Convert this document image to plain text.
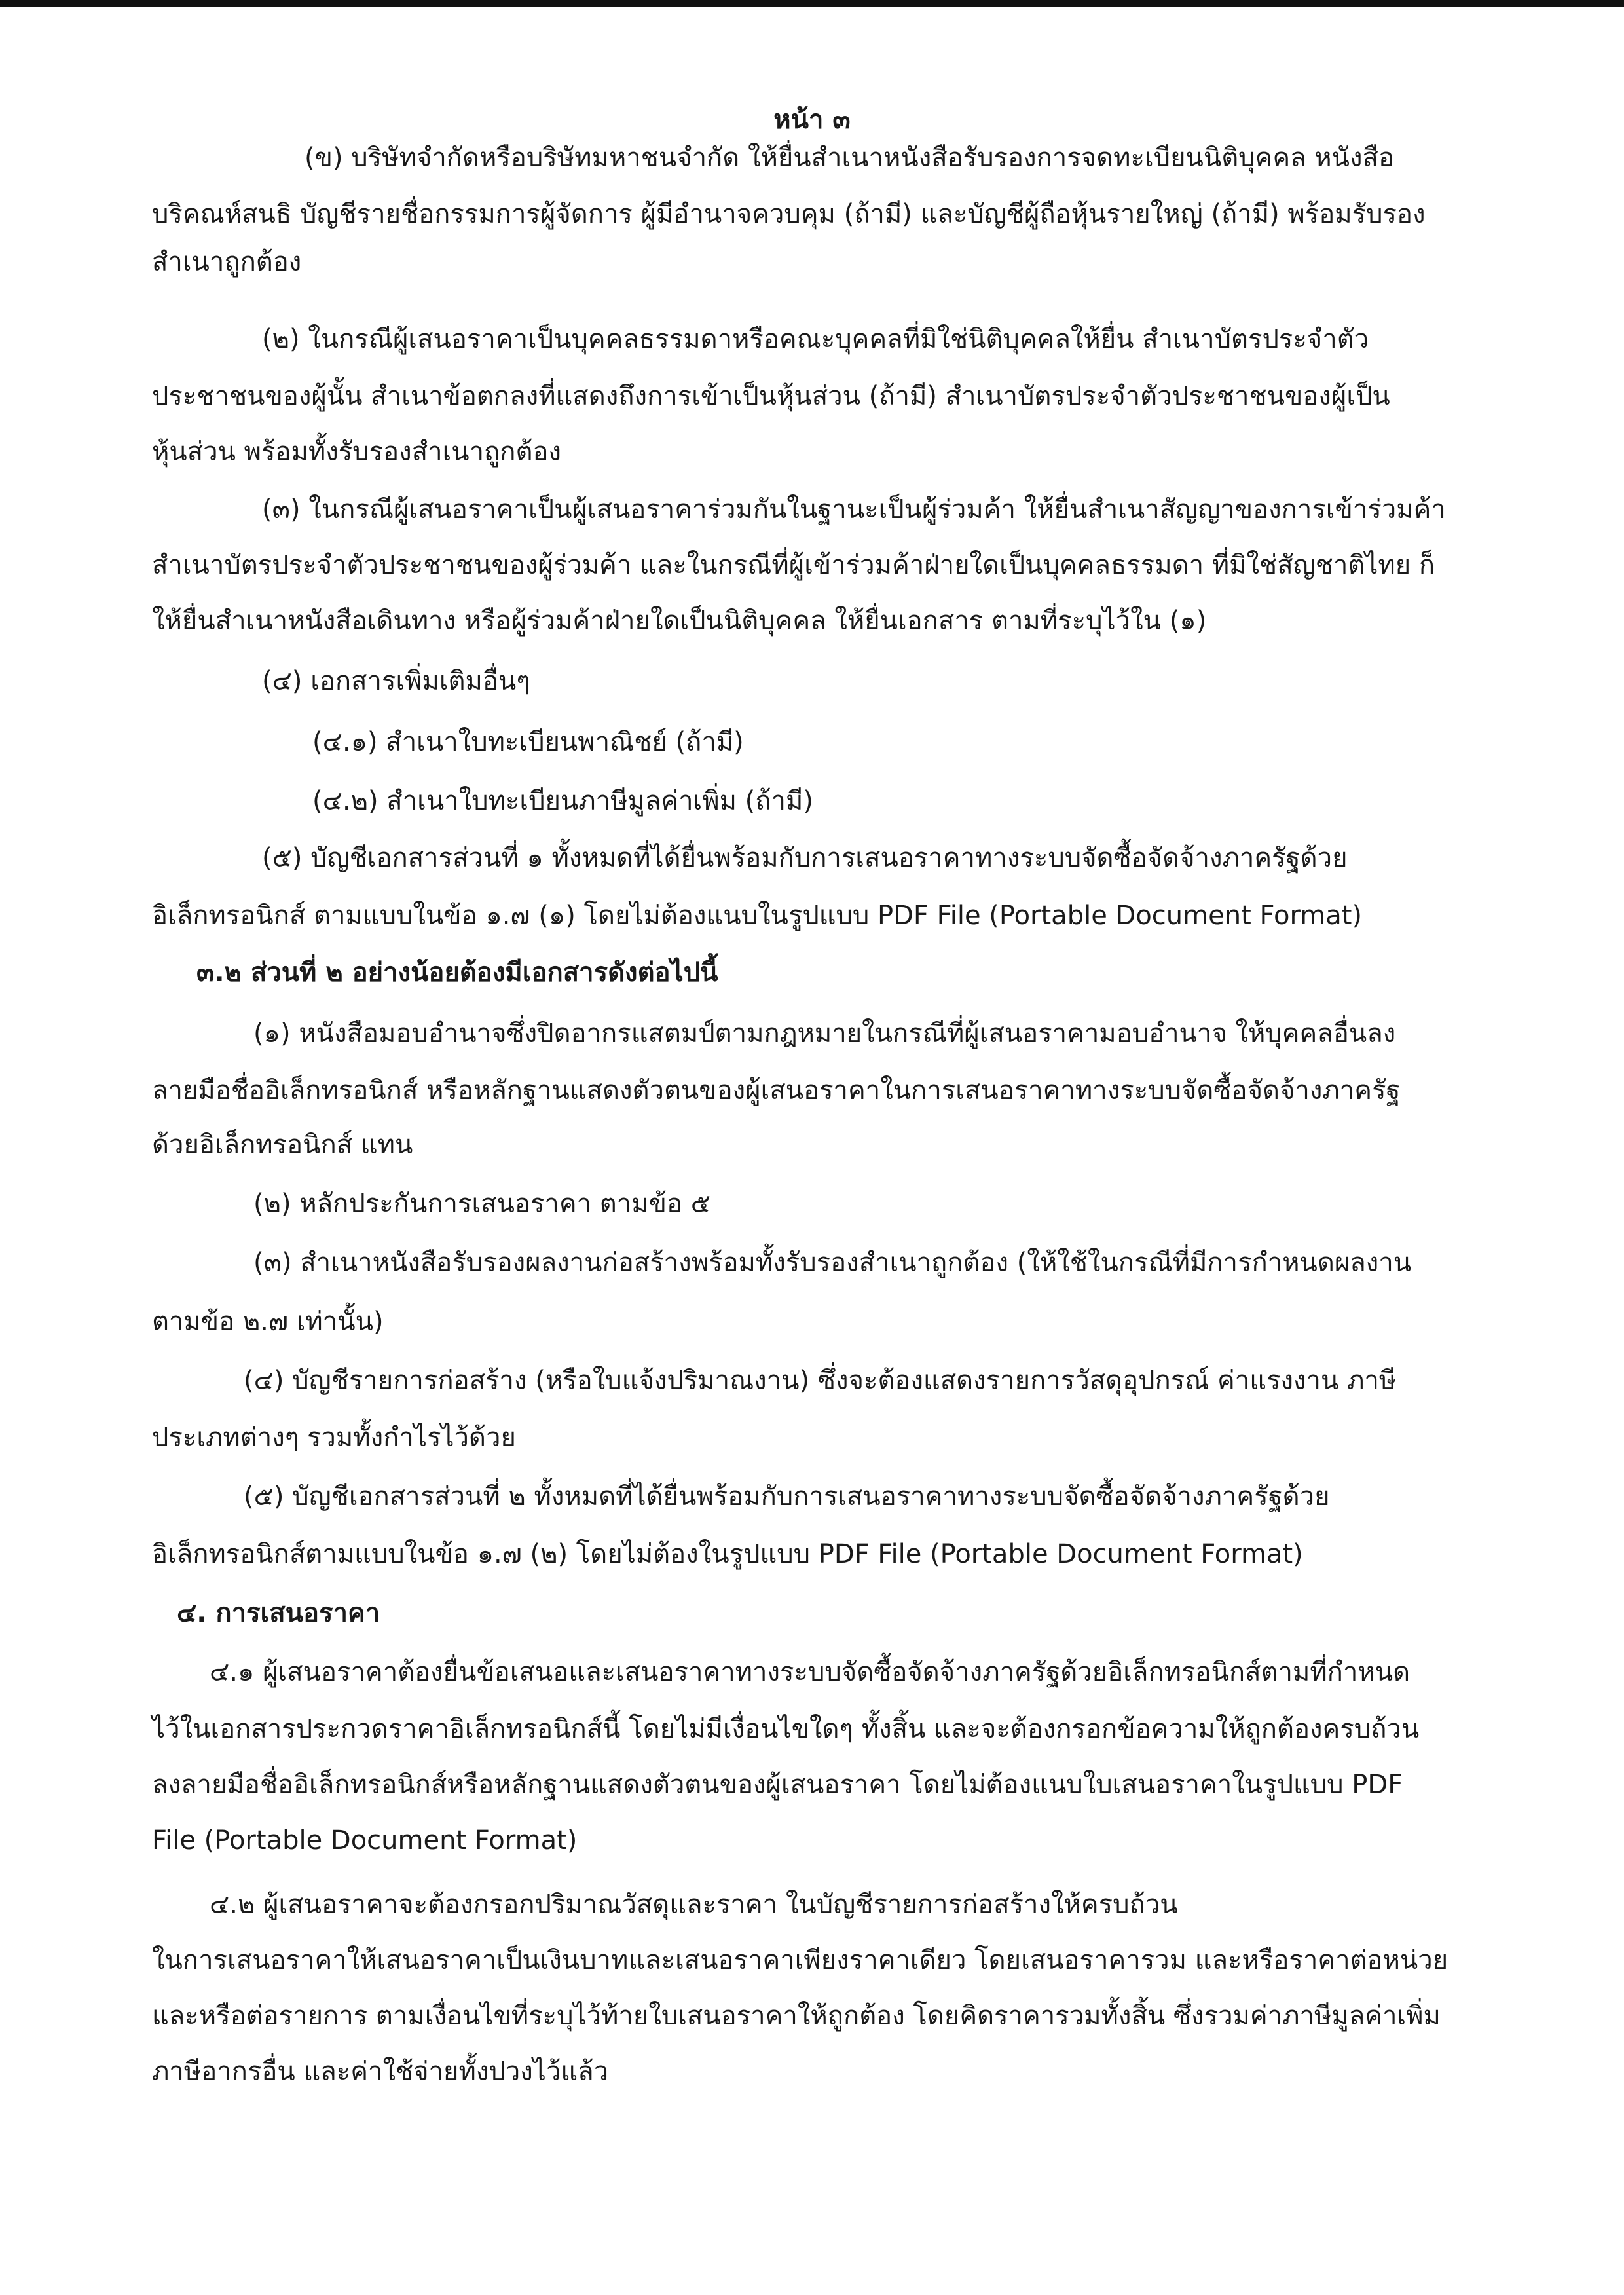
หน้า ๓
(ข) บริษัทจำกัดหรือบริษัทมหาชนจำกัด ให้ยื่นสำเนาหนังสือรับรองการจดทะเบียนนิติบุคคล หนังสือ
บริคณห์สนธิ บัญชีรายชื่อกรรมการผู้จัดการ ผู้มีอำนาจควบคุม (ถ้ามี) และบัญชีผู้ถือหุ้นรายใหญ่ (ถ้ามี) พร้อมรับรอง
สำเนาถูกต้อง
(๒) ในกรณีผู้เสนอราคาเป็นบุคคลธรรมดาหรือคณะบุคคลที่มิใช่นิติบุคคลให้ยื่น สำเนาบัตรประจำตัว
ประชาชนของผู้นั้น สำเนาข้อตกลงที่แสดงถึงการเข้าเป็นหุ้นส่วน (ถ้ามี) สำเนาบัตรประจำตัวประชาชนของผู้เป็น
หุ้นส่วน พร้อมทั้งรับรองสำเนาถูกต้อง
(๓) ในกรณีผู้เสนอราคาเป็นผู้เสนอราคาร่วมกันในฐานะเป็นผู้ร่วมค้า ให้ยื่นสำเนาสัญญาของการเข้าร่วมค้า
สำเนาบัตรประจำตัวประชาชนของผู้ร่วมค้า และในกรณีที่ผู้เข้าร่วมค้าฝ่ายใดเป็นบุคคลธรรมดา ที่มิใช่สัญชาติไทย ก็
ให้ยื่นสำเนาหนังสือเดินทาง หรือผู้ร่วมค้าฝ่ายใดเป็นนิติบุคคล ให้ยื่นเอกสาร ตามที่ระบุไว้ใน (๑)
(๔) เอกสารเพิ่มเติมอื่นๆ
(๔.๑) สำเนาใบทะเบียนพาณิชย์ (ถ้ามี)
(๔.๒) สำเนาใบทะเบียนภาษีมูลค่าเพิ่ม (ถ้ามี)
(๕) บัญชีเอกสารส่วนที่ ๑ ทั้งหมดที่ได้ยื่นพร้อมกับการเสนอราคาทางระบบจัดซื้อจัดจ้างภาครัฐด้วย
อิเล็กทรอนิกส์ ตามแบบในข้อ ๑.๗ (๑) โดยไม่ต้องแนบในรูปแบบ PDF File (Portable Document Format)
๓.๒ ส่วนที่ ๒ อย่างน้อยต้องมีเอกสารดังต่อไปนี้
(๑) หนังสือมอบอำนาจซึ่งปิดอากรแสตมป์ตามกฎหมายในกรณีที่ผู้เสนอราคามอบอำนาจ ให้บุคคลอื่นลง
ลายมือชื่ออิเล็กทรอนิกส์ หรือหลักฐานแสดงตัวตนของผู้เสนอราคาในการเสนอราคาทางระบบจัดซื้อจัดจ้างภาครัฐ
ด้วยอิเล็กทรอนิกส์ แทน
(๒) หลักประกันการเสนอราคา ตามข้อ ๕
(๓) สำเนาหนังสือรับรองผลงานก่อสร้างพร้อมทั้งรับรองสำเนาถูกต้อง (ให้ใช้ในกรณีที่มีการกำหนดผลงาน
ตามข้อ ๒.๗ เท่านั้น)
(๔) บัญชีรายการก่อสร้าง (หรือใบแจ้งปริมาณงาน) ซึ่งจะต้องแสดงรายการวัสดุอุปกรณ์ ค่าแรงงาน ภาษี
ประเภทต่างๆ รวมทั้งกำไรไว้ด้วย
(๕) บัญชีเอกสารส่วนที่ ๒ ทั้งหมดที่ได้ยื่นพร้อมกับการเสนอราคาทางระบบจัดซื้อจัดจ้างภาครัฐด้วย
อิเล็กทรอนิกส์ตามแบบในข้อ ๑.๗ (๒) โดยไม่ต้องในรูปแบบ PDF File (Portable Document Format)
๔. การเสนอราคา
๔.๑ ผู้เสนอราคาต้องยื่นข้อเสนอและเสนอราคาทางระบบจัดซื้อจัดจ้างภาครัฐด้วยอิเล็กทรอนิกส์ตามที่กำหนด
ไว้ในเอกสารประกวดราคาอิเล็กทรอนิกส์นี้ โดยไม่มีเงื่อนไขใดๆ ทั้งสิ้น และจะต้องกรอกข้อความให้ถูกต้องครบถ้วน
ลงลายมือชื่ออิเล็กทรอนิกส์หรือหลักฐานแสดงตัวตนของผู้เสนอราคา โดยไม่ต้องแนบใบเสนอราคาในรูปแบบ PDF
File (Portable Document Format)
๔.๒ ผู้เสนอราคาจะต้องกรอกปริมาณวัสดุและราคา ในบัญชีรายการก่อสร้างให้ครบถ้วน
ในการเสนอราคาให้เสนอราคาเป็นเงินบาทและเสนอราคาเพียงราคาเดียว โดยเสนอราคารวม และหรือราคาต่อหน่วย
และหรือต่อรายการ ตามเงื่อนไขที่ระบุไว้ท้ายใบเสนอราคาให้ถูกต้อง โดยคิดราคารวมทั้งสิ้น ซึ่งรวมค่าภาษีมูลค่าเพิ่ม
ภาษีอากรอื่น และค่าใช้จ่ายทั้งปวงไว้แล้ว
